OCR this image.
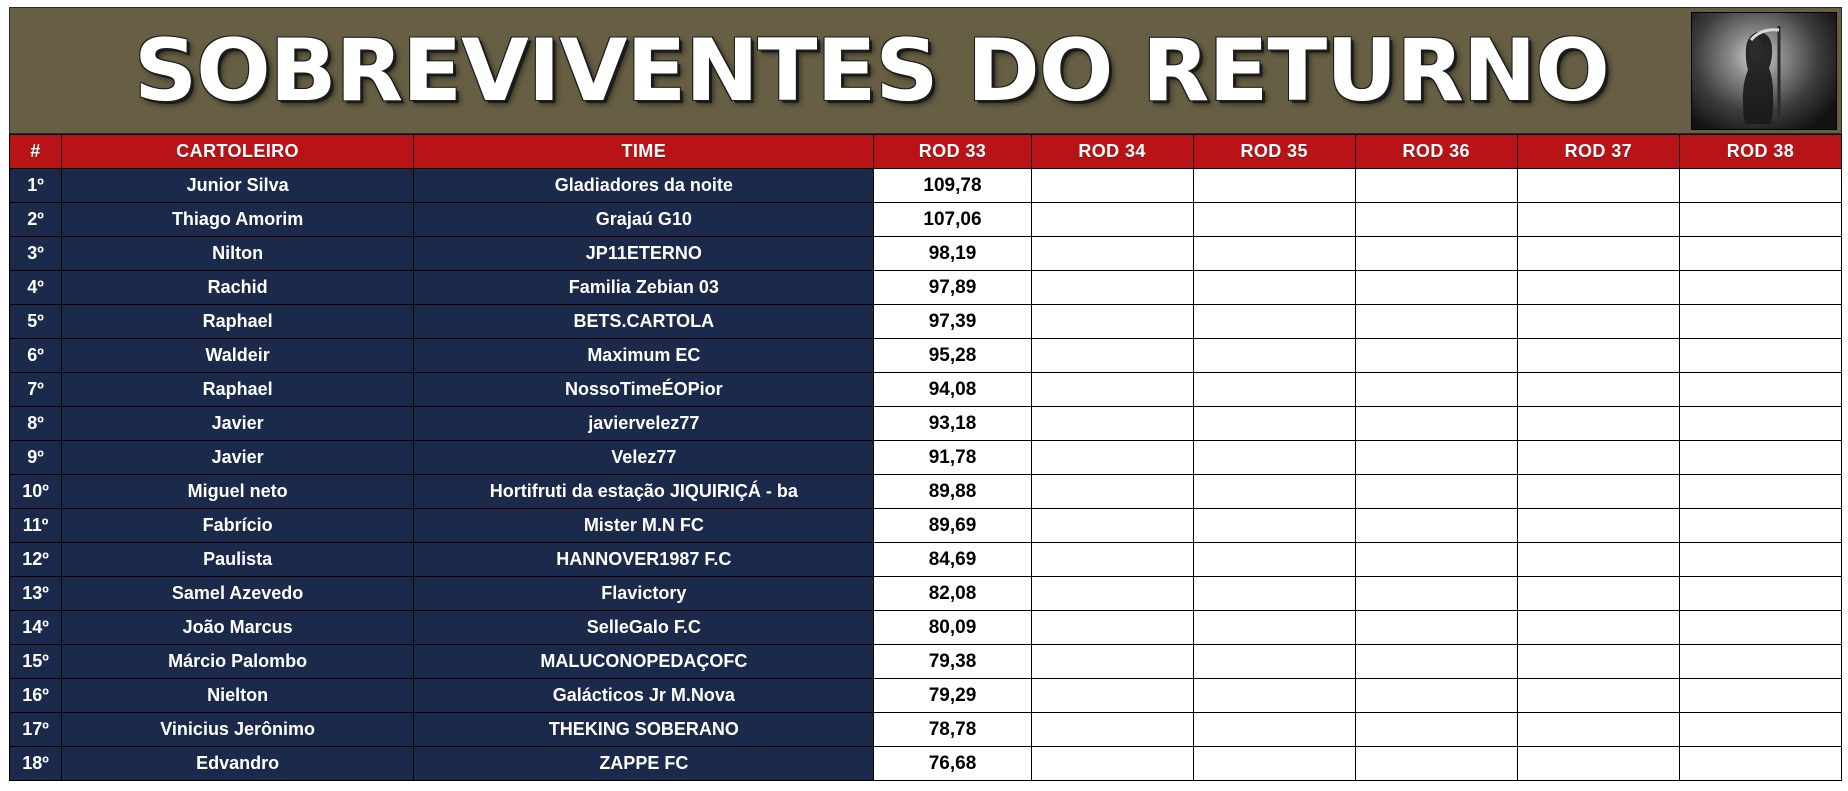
SOBREVIVENTES DO RETURNO
#	CARTOLEIRO	TIME	ROD 33	ROD 34	ROD 35	ROD 36	ROD 37	ROD 38
1º	Junior Silva	Gladiadores da noite	109,78					
2º	Thiago Amorim	Grajaú G10	107,06					
3º	Nilton	JP11ETERNO	98,19					
4º	Rachid	Familia Zebian 03	97,89					
5º	Raphael	BETS.CARTOLA	97,39					
6º	Waldeir	Maximum EC	95,28					
7º	Raphael	NossoTimeÉOPior	94,08					
8º	Javier	javiervelez77	93,18					
9º	Javier	Velez77	91,78					
10º	Miguel neto	Hortifruti da estação JIQUIRIÇÁ - ba	89,88					
11º	Fabrício	Mister M.N FC	89,69					
12º	Paulista	HANNOVER1987 F.C	84,69					
13º	Samel Azevedo	Flavictory	82,08					
14º	João Marcus	SelleGalo F.C	80,09					
15º	Márcio Palombo	MALUCONOPEDAÇOFC	79,38					
16º	Nielton	Galácticos Jr M.Nova	79,29					
17º	Vinicius Jerônimo	THEKING SOBERANO	78,78					
18º	Edvandro	ZAPPE FC	76,68					
